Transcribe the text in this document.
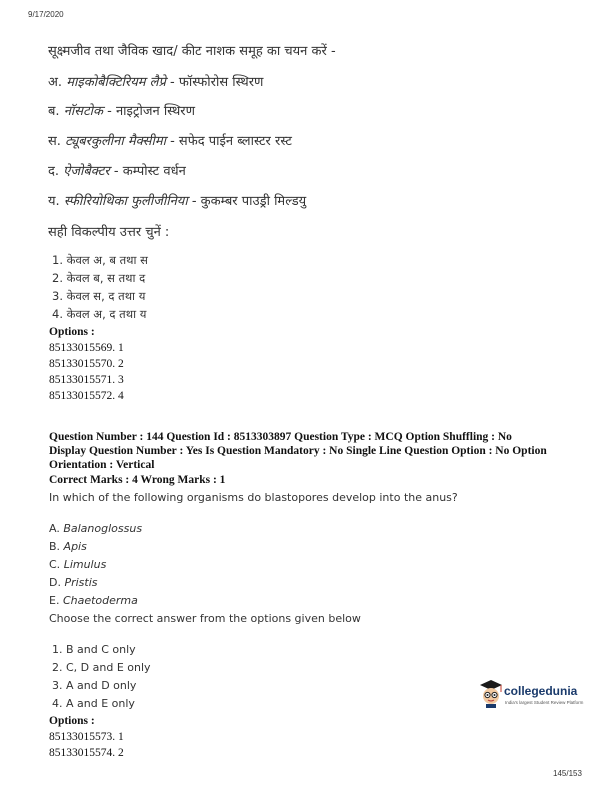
9/17/2020
सूक्ष्मजीव तथा जैविक खाद/ कीट नाशक समूह का चयन करें -
अ. माइकोबैक्टिरियम लैप्रे - फॉस्फोरोस स्थिरण
ब. नॉसटोक - नाइट्रोजन स्थिरण
स. ट्यूबरकुलीना मैक्सीमा - सफेद पाईन ब्लास्टर रस्ट
द. ऐजोबैक्टर - कम्पोस्ट वर्धन
य. स्फीरियोथिका फुलीजीनिया - कुकम्बर पाउड्री मिल्डयु
सही विकल्पीय उत्तर चुनें :
1. केवल अ, ब तथा स
2. केवल ब, स तथा द
3. केवल स, द तथा य
4. केवल अ, द तथा य
Options :
85133015569. 1
85133015570. 2
85133015571. 3
85133015572. 4
Question Number : 144 Question Id : 8513303897 Question Type : MCQ Option Shuffling : No
Display Question Number : Yes Is Question Mandatory : No Single Line Question Option : No Option
Orientation : Vertical
Correct Marks : 4 Wrong Marks : 1
In which of the following organisms do blastopores develop into the anus?
A. Balanoglossus
B. Apis
C. Limulus
D. Pristis
E. Chaetoderma
Choose the correct answer from the options given below
1. B and C only
2. C, D and E only
3. A and D only
4. A and E only
Options :
85133015573. 1
85133015574. 2
collegedunia
India's largest Student Review Platform
145/153
